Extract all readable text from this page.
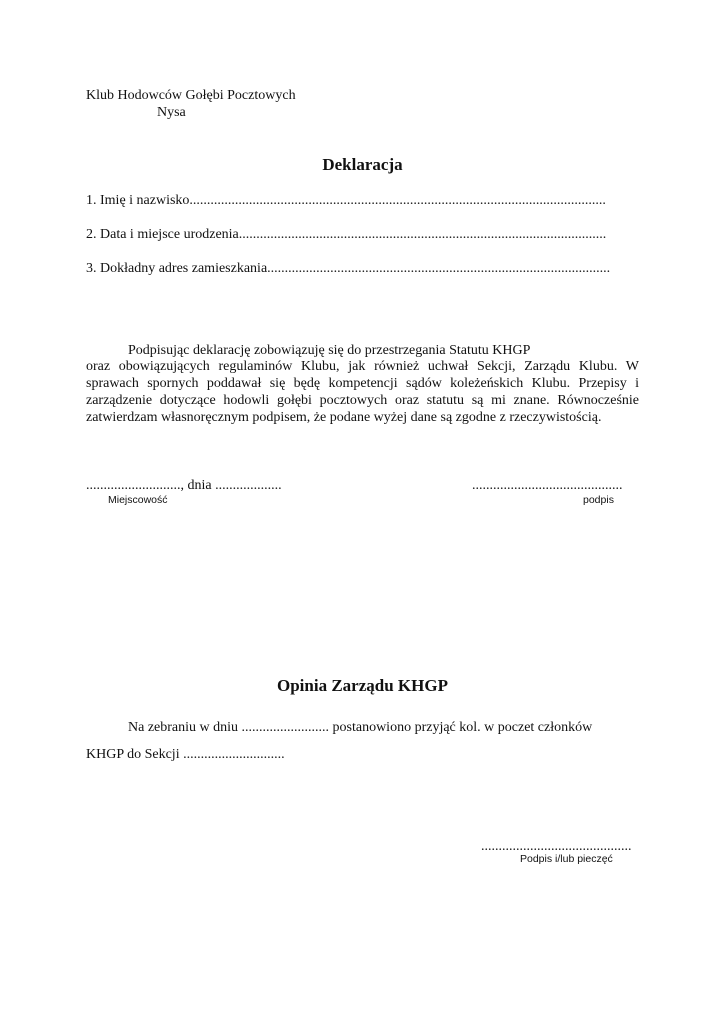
Klub Hodowców Gołębi Pocztowych
Nysa
Deklaracja
1. Imię i nazwisko.......................................................................................................................
2. Data i miejsce urodzenia.........................................................................................................
3. Dokładny adres zamieszkania..................................................................................................
Podpisując deklarację zobowiązuję się do przestrzegania Statutu KHGP
oraz obowiązujących regulaminów Klubu, jak również uchwał Sekcji, Zarządu Klubu. W
sprawach spornych poddawał się będę kompetencji sądów koleżeńskich Klubu. Przepisy i
zarządzenie dotyczące hodowli gołębi pocztowych oraz statutu są mi znane. Równocześnie
zatwierdzam własnoręcznym podpisem, że podane wyżej dane są zgodne z rzeczywistością.
..........................., dnia ...................
Miejscowość
...........................................
podpis
Opinia Zarządu KHGP
Na zebraniu w dniu ......................... postanowiono przyjąć kol. w poczet członków
KHGP do Sekcji .............................
...........................................
Podpis i/lub pieczęć
